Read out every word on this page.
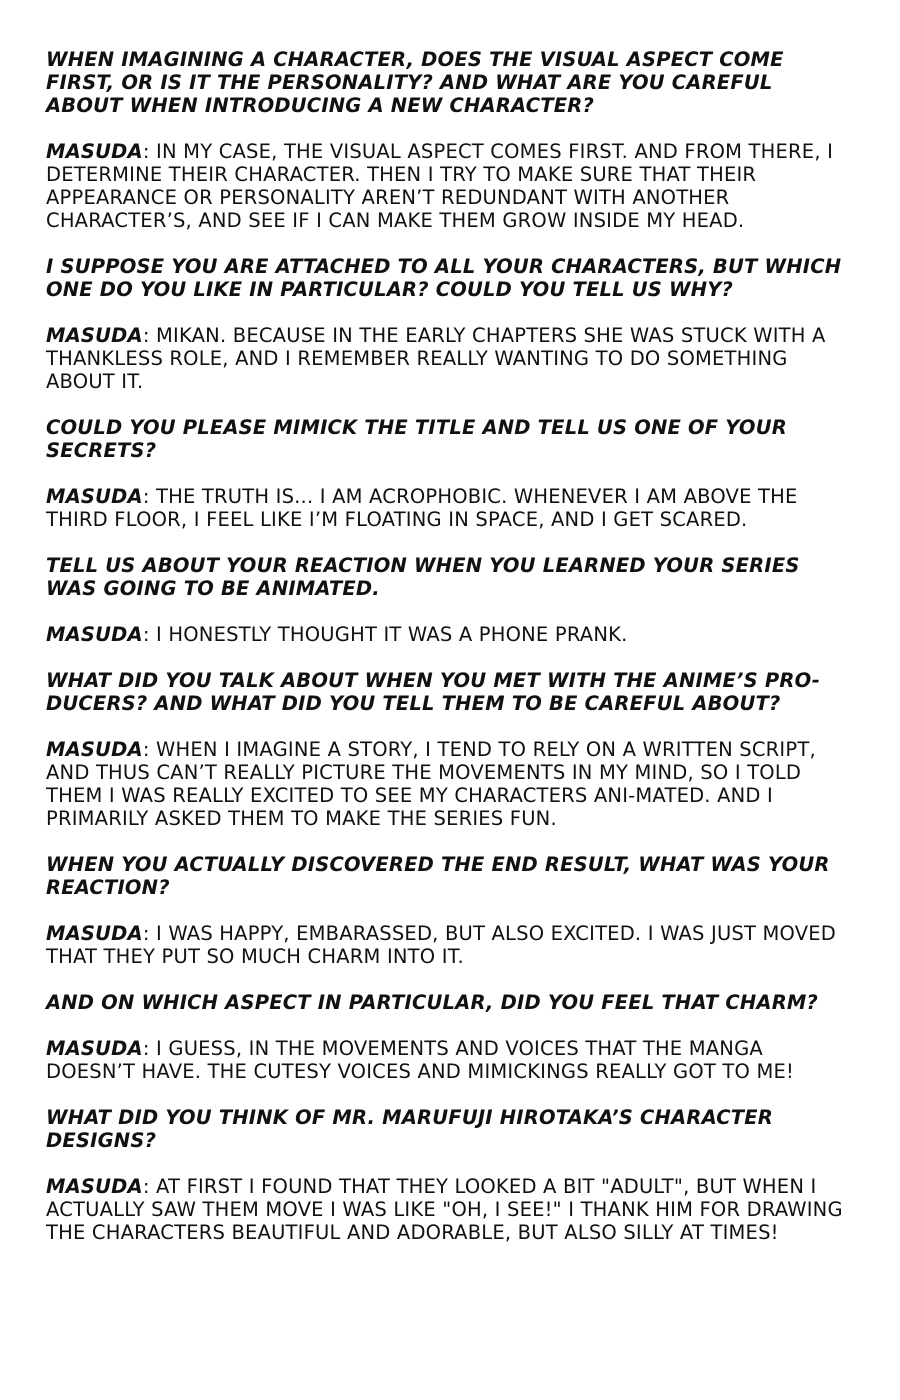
WHEN IMAGINING A CHARACTER, DOES THE VISUAL ASPECT COME FIRST, OR IS IT THE PERSONALITY? AND WHAT ARE YOU CAREFUL ABOUT WHEN INTRODUCING A NEW CHARACTER?

MASUDA: IN MY CASE, THE VISUAL ASPECT COMES FIRST. AND FROM THERE, I DETERMINE THEIR CHARACTER. THEN I TRY TO MAKE SURE THAT THEIR APPEARANCE OR PERSONALITY AREN’T REDUNDANT WITH ANOTHER CHARACTER’S, AND SEE IF I CAN MAKE THEM GROW INSIDE MY HEAD.

I SUPPOSE YOU ARE ATTACHED TO ALL YOUR CHARACTERS, BUT WHICH ONE DO YOU LIKE IN PARTICULAR? COULD YOU TELL US WHY?

MASUDA: MIKAN. BECAUSE IN THE EARLY CHAPTERS SHE WAS STUCK WITH A THANKLESS ROLE, AND I REMEMBER REALLY WANTING TO DO SOMETHING ABOUT IT.

COULD YOU PLEASE MIMICK THE TITLE AND TELL US ONE OF YOUR SECRETS?

MASUDA: THE TRUTH IS... I AM ACROPHOBIC. WHENEVER I AM ABOVE THE THIRD FLOOR, I FEEL LIKE I’M FLOATING IN SPACE, AND I GET SCARED.

TELL US ABOUT YOUR REACTION WHEN YOU LEARNED YOUR SERIES WAS GOING TO BE ANIMATED.

MASUDA: I HONESTLY THOUGHT IT WAS A PHONE PRANK.

WHAT DID YOU TALK ABOUT WHEN YOU MET WITH THE ANIME’S PRO-DUCERS? AND WHAT DID YOU TELL THEM TO BE CAREFUL ABOUT?

MASUDA: WHEN I IMAGINE A STORY, I TEND TO RELY ON A WRITTEN SCRIPT, AND THUS CAN’T REALLY PICTURE THE MOVEMENTS IN MY MIND, SO I TOLD THEM I WAS REALLY EXCITED TO SEE MY CHARACTERS ANI-MATED. AND I PRIMARILY ASKED THEM TO MAKE THE SERIES FUN.

WHEN YOU ACTUALLY DISCOVERED THE END RESULT, WHAT WAS YOUR REACTION?

MASUDA: I WAS HAPPY, EMBARASSED, BUT ALSO EXCITED. I WAS JUST MOVED THAT THEY PUT SO MUCH CHARM INTO IT.

AND ON WHICH ASPECT IN PARTICULAR, DID YOU FEEL THAT CHARM?

MASUDA: I GUESS, IN THE MOVEMENTS AND VOICES THAT THE MANGA DOESN’T HAVE. THE CUTESY VOICES AND MIMICKINGS REALLY GOT TO ME!

WHAT DID YOU THINK OF MR. MARUFUJI HIROTAKA’S CHARACTER DESIGNS?

MASUDA: AT FIRST I FOUND THAT THEY LOOKED A BIT "ADULT", BUT WHEN I ACTUALLY SAW THEM MOVE I WAS LIKE "OH, I SEE!" I THANK HIM FOR DRAWING THE CHARACTERS BEAUTIFUL AND ADORABLE, BUT ALSO SILLY AT TIMES!
